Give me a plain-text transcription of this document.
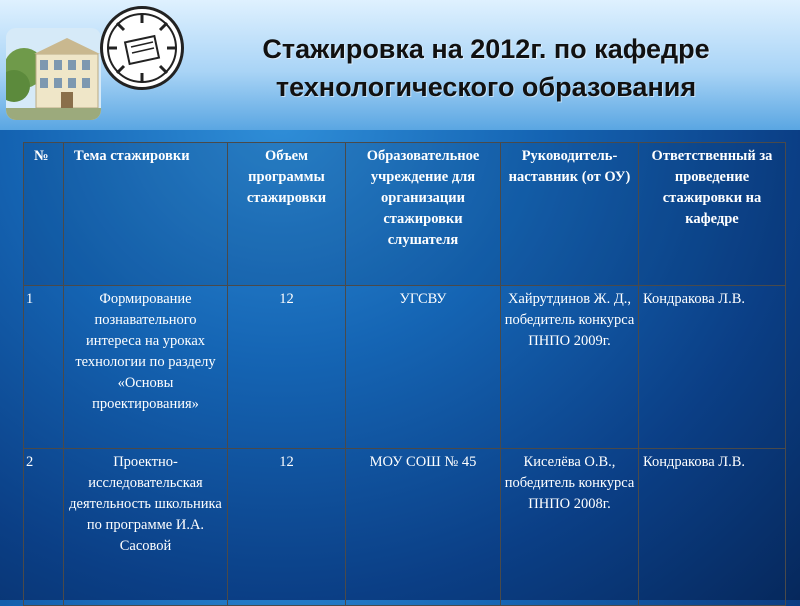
Стажировка на 2012г. по кафедре
технологического образования
№	Тема стажировки	Объем программы стажировки	Образовательное учреждение для организации стажировки слушателя	Руководитель-наставник (от ОУ)	Ответственный за проведение стажировки на кафедре
1	Формирование познавательного интереса на уроках технологии по разделу «Основы проектирования»	12	УГСВУ	Хайрутдинов Ж. Д., победитель конкурса ПНПО 2009г.	Кондракова Л.В.
2	Проектно-исследовательская деятельность школьника по программе И.А. Сасовой	12	МОУ СОШ № 45	Киселёва О.В., победитель конкурса ПНПО 2008г.	Кондракова Л.В.
